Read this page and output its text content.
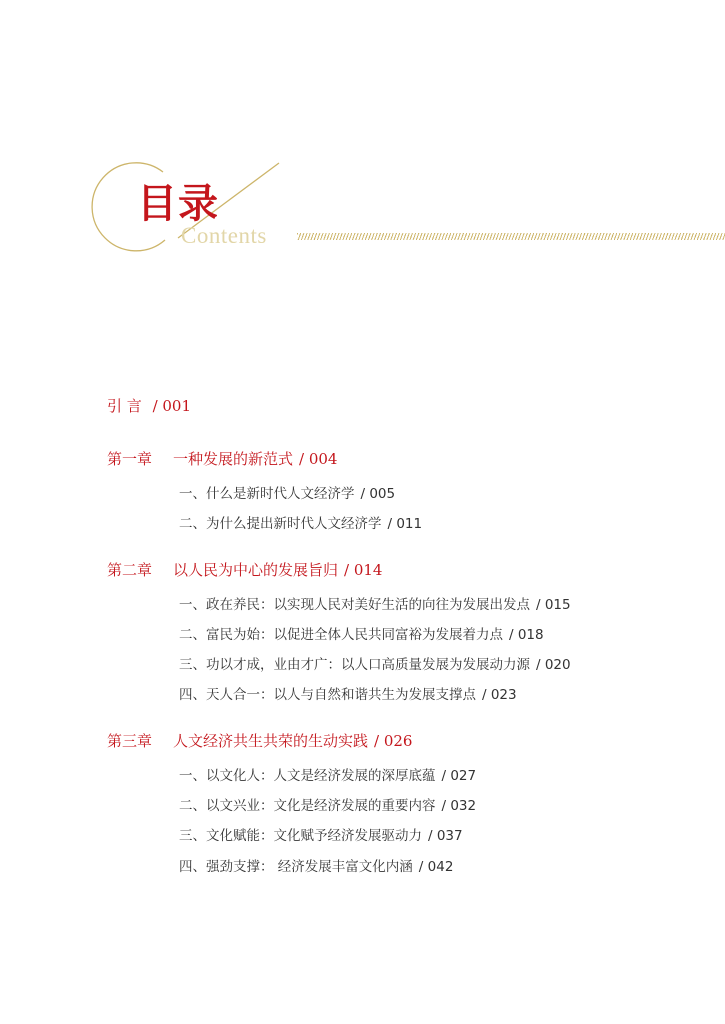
目录
Contents
引 言 / 001
第一章 一种发展的新范式 / 004
一、什么是新时代人文经济学 / 005
二、为什么提出新时代人文经济学 / 011
第二章 以人民为中心的发展旨归 / 014
一、政在养民：以实现人民对美好生活的向往为发展出发点 / 015
二、富民为始：以促进全体人民共同富裕为发展着力点 / 018
三、功以才成，业由才广：以人口高质量发展为发展动力源 / 020
四、天人合一：以人与自然和谐共生为发展支撑点 / 023
第三章 人文经济共生共荣的生动实践 / 026
一、以文化人：人文是经济发展的深厚底蕴 / 027
二、以文兴业：文化是经济发展的重要内容 / 032
三、文化赋能：文化赋予经济发展驱动力 / 037
四、强劲支撑： 经济发展丰富文化内涵 / 042
